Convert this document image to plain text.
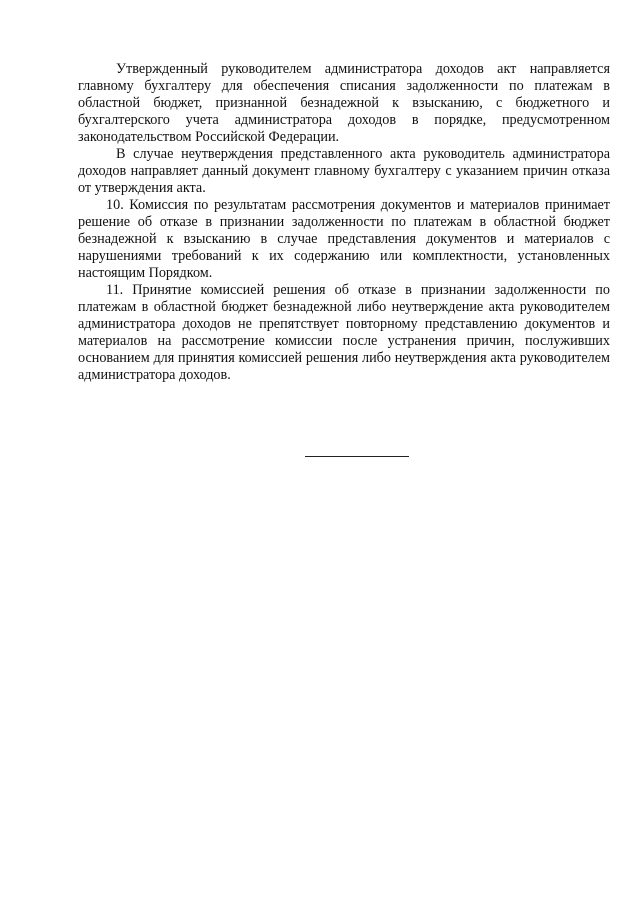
Утвержденный руководителем администратора доходов акт направляется главному бухгалтеру для обеспечения списания задолженности по платежам в областной бюджет, признанной безнадежной к взысканию, с бюджетного и бухгалтерского учета администратора доходов в порядке, предусмотренном законодательством Российской Федерации.

В случае неутверждения представленного акта руководитель администратора доходов направляет данный документ главному бухгалтеру с указанием причин отказа от утверждения акта.

10. Комиссия по результатам рассмотрения документов и материалов принимает решение об отказе в признании задолженности по платежам в областной бюджет безнадежной к взысканию в случае представления документов и материалов с нарушениями требований к их содержанию или комплектности, установленных настоящим Порядком.

11. Принятие комиссией решения об отказе в признании задолженности по платежам в областной бюджет безнадежной либо неутверждение акта руководителем администратора доходов не препятствует повторному представлению документов и материалов на рассмотрение комиссии после устранения причин, послуживших основанием для принятия комиссией решения либо неутверждения акта руководителем администратора доходов.
